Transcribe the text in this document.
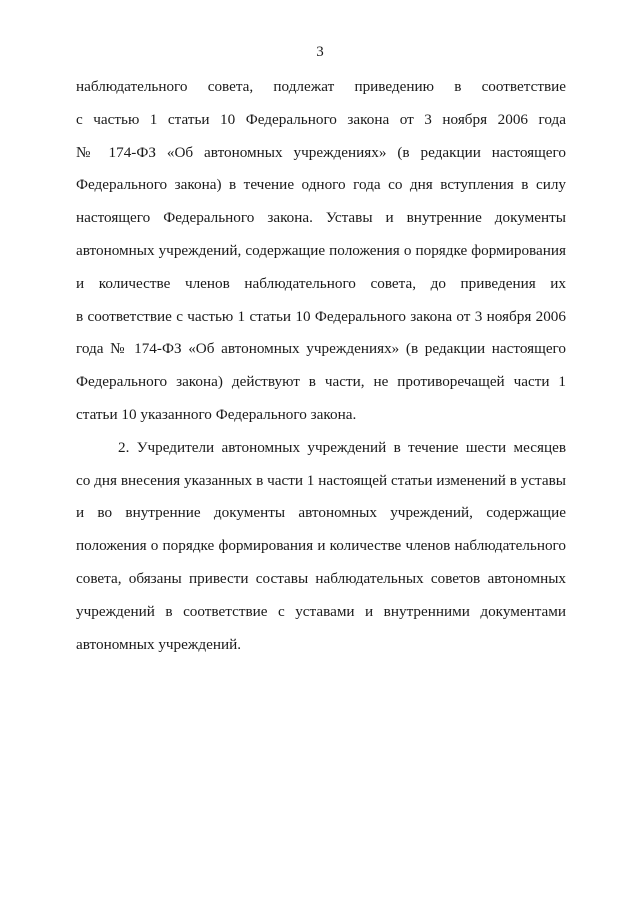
3
наблюдательного совета, подлежат приведению в соответствие
с частью 1 статьи 10 Федерального закона от 3 ноября 2006 года
№ 174-ФЗ «Об автономных учреждениях» (в редакции настоящего
Федерального закона) в течение одного года со дня вступления в силу
настоящего Федерального закона. Уставы и внутренние документы
автономных учреждений, содержащие положения о порядке формирования
и количестве членов наблюдательного совета, до приведения их
в соответствие с частью 1 статьи 10 Федерального закона от 3 ноября 2006
года № 174-ФЗ «Об автономных учреждениях» (в редакции настоящего
Федерального закона) действуют в части, не противоречащей части 1
статьи 10 указанного Федерального закона.
2. Учредители автономных учреждений в течение шести месяцев
со дня внесения указанных в части 1 настоящей статьи изменений в уставы
и во внутренние документы автономных учреждений, содержащие
положения о порядке формирования и количестве членов наблюдательного
совета, обязаны привести составы наблюдательных советов автономных
учреждений в соответствие с уставами и внутренними документами
автономных учреждений.
